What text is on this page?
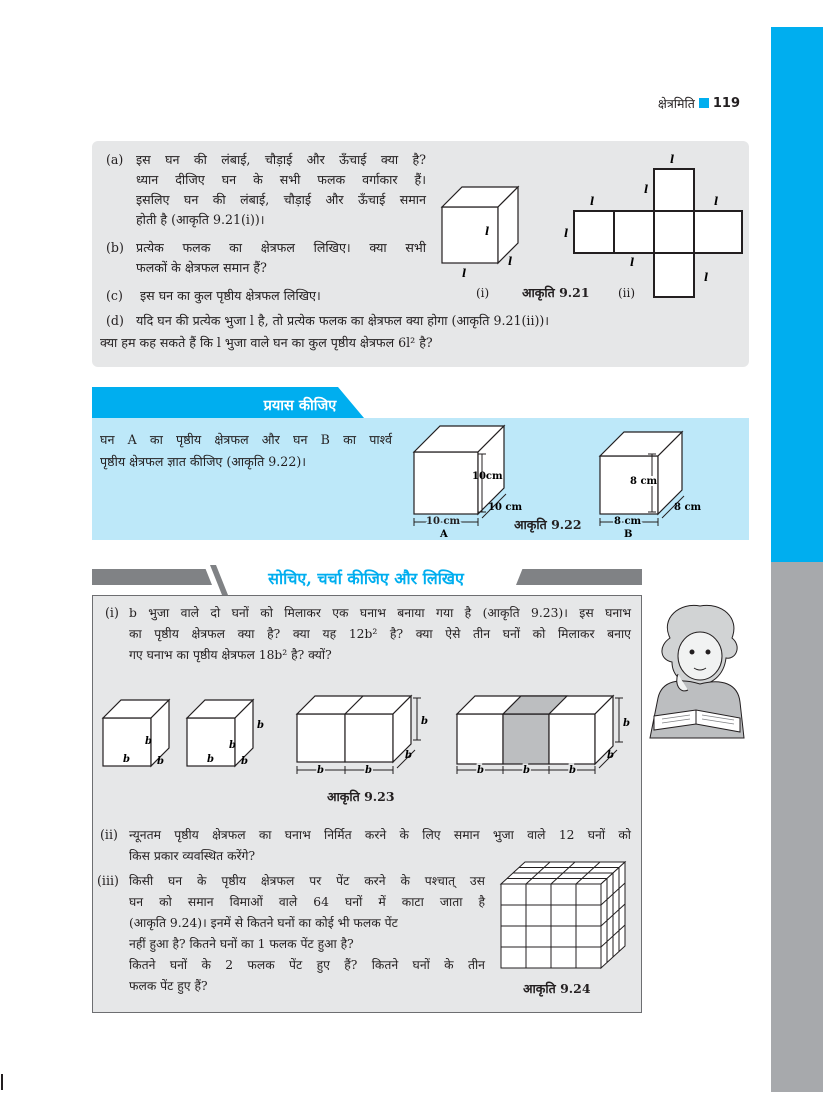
क्षेत्रमिति 119
(a) इस घन की लंबाई, चौड़ाई और ऊँचाई क्या है?
ध्यान दीजिए घन के सभी फलक वर्गाकार हैं।
इसलिए घन की लंबाई, चौड़ाई और ऊँचाई समान
होती है (आकृति 9.21(i))।
(b) प्रत्येक फलक का क्षेत्रफल लिखिए। क्या सभी
फलकों के क्षेत्रफल समान हैं?
(c) इस घन का कुल पृष्ठीय क्षेत्रफल लिखिए।
(d) यदि घन की प्रत्येक भुजा l है, तो प्रत्येक फलक का क्षेत्रफल क्या होगा (आकृति 9.21(ii))।
क्या हम कह सकते हैं कि l भुजा वाले घन का कुल पृष्ठीय क्षेत्रफल 6l² है?
l
l
l
l
l
l	l
l
l
l
(i)	आकृति 9.21 (ii)
प्रयास कीजिए
घन A का पृष्ठीय क्षेत्रफल और घन B का पार्श्व
पृष्ठीय क्षेत्रफल ज्ञात कीजिए (आकृति 9.22)।
10cm
10 cm
10 cm
A
8 cm
8 cm
8 cm
B
आकृति 9.22
सोचिए, चर्चा कीजिए और लिखिए
(i) b भुजा वाले दो घनों को मिलाकर एक घनाभ बनाया गया है (आकृति 9.23)। इस घनाभ
का पृष्ठीय क्षेत्रफल क्या है? क्या यह 12b² है? क्या ऐसे तीन घनों को मिलाकर बनाए
गए घनाभ का पृष्ठीय क्षेत्रफल 18b² है? क्यों?
b
b	b
b
b	b
b	b
b	b
b
b
b	b	b
b
आकृति 9.23
(ii) न्यूनतम पृष्ठीय क्षेत्रफल का घनाभ निर्मित करने के लिए समान भुजा वाले 12 घनों को
किस प्रकार व्यवस्थित करेंगे?
(iii) किसी घन के पृष्ठीय क्षेत्रफल पर पेंट करने के पश्चात् उस
घन को समान विमाओं वाले 64 घनों में काटा जाता है
(आकृति 9.24)। इनमें से कितने घनों का कोई भी फलक पेंट
नहीं हुआ है? कितने घनों का 1 फलक पेंट हुआ है?
कितने घनों के 2 फलक पेंट हुए हैं? कितने घनों के तीन
फलक पेंट हुए हैं?	आकृति 9.24
